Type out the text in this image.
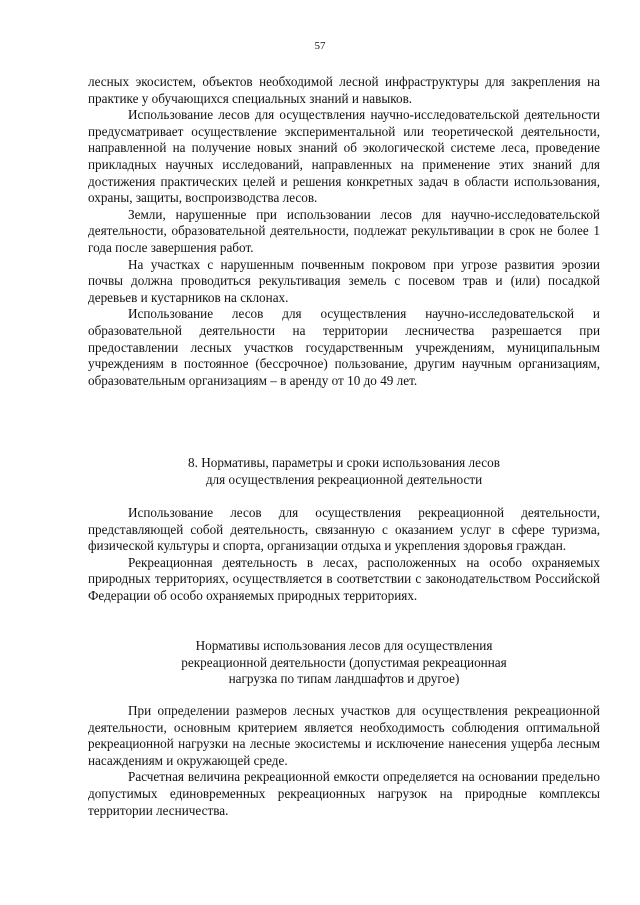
57

лесных экосистем, объектов необходимой лесной инфраструктуры для закрепления на практике у обучающихся специальных знаний и навыков.

Использование лесов для осуществления научно-исследовательской деятельности предусматривает осуществление экспериментальной или теоретической деятельности, направленной на получение новых знаний об экологической системе леса, проведение прикладных научных исследований, направленных на применение этих знаний для достижения практических целей и решения конкретных задач в области использования, охраны, защиты, воспроизводства лесов.

Земли, нарушенные при использовании лесов для научно-исследовательской деятельности, образовательной деятельности, подлежат рекультивации в срок не более 1 года после завершения работ.

На участках с нарушенным почвенным покровом при угрозе развития эрозии почвы должна проводиться рекультивация земель с посевом трав и (или) посадкой деревьев и кустарников на склонах.

Использование лесов для осуществления научно-исследовательской и образовательной деятельности на территории лесничества разрешается при предоставлении лесных участков государственным учреждениям, муниципальным учреждениям в постоянное (бессрочное) пользование, другим научным организациям, образовательным организациям – в аренду от 10 до 49 лет.

8. Нормативы, параметры и сроки использования лесов
для осуществления рекреационной деятельности

Использование лесов для осуществления рекреационной деятельности, представляющей собой деятельность, связанную с оказанием услуг в сфере туризма, физической культуры и спорта, организации отдыха и укрепления здоровья граждан.

Рекреационная деятельность в лесах, расположенных на особо охраняемых природных территориях, осуществляется в соответствии с законодательством Российской Федерации об особо охраняемых природных территориях.

Нормативы использования лесов для осуществления
рекреационной деятельности (допустимая рекреационная
нагрузка по типам ландшафтов и другое)

При определении размеров лесных участков для осуществления рекреационной деятельности, основным критерием является необходимость соблюдения оптимальной рекреационной нагрузки на лесные экосистемы и исключение нанесения ущерба лесным насаждениям и окружающей среде.

Расчетная величина рекреационной емкости определяется на основании предельно допустимых единовременных рекреационных нагрузок на природные комплексы территории лесничества.
